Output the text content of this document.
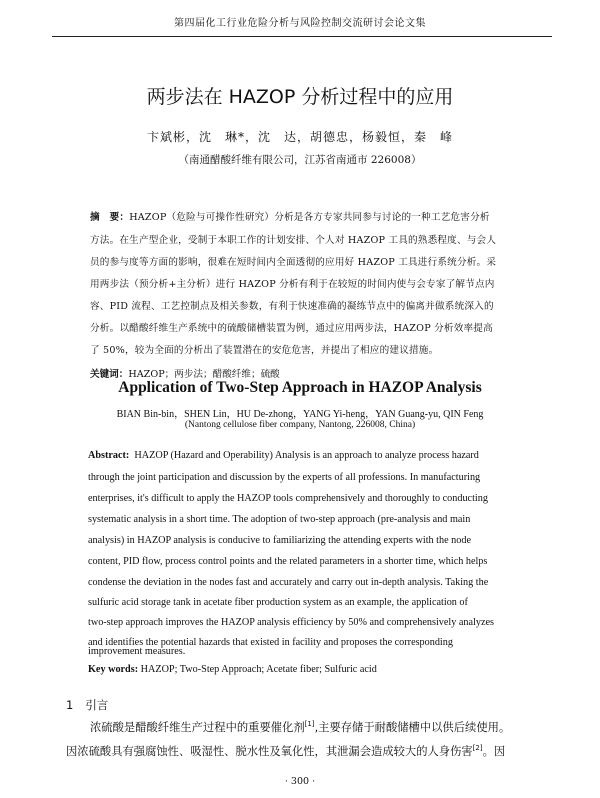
第四届化工行业危险分析与风险控制交流研讨会论文集
两步法在 HAZOP 分析过程中的应用
卞斌彬，沈　琳*，沈　达，胡德忠，杨毅恒，秦　峰
（南通醋酸纤维有限公司，江苏省南通市 226008）
摘　要：HAZOP（危险与可操作性研究）分析是各方专家共同参与讨论的一种工艺危害分析
方法。在生产型企业，受制于本职工作的计划安排、个人对 HAZOP 工具的熟悉程度、与会人
员的参与度等方面的影响，很难在短时间内全面透彻的应用好 HAZOP 工具进行系统分析。采
用两步法（预分析+主分析）进行 HAZOP 分析有利于在较短的时间内使与会专家了解节点内
容、PID 流程、工艺控制点及相关参数，有利于快速准确的凝练节点中的偏离并做系统深入的
分析。以醋酸纤维生产系统中的硫酸储槽装置为例，通过应用两步法，HAZOP 分析效率提高
了 50%，较为全面的分析出了装置潜在的安危危害，并提出了相应的建议措施。
关键词：HAZOP；两步法；醋酸纤维；硫酸
Application of Two-Step Approach in HAZOP Analysis
BIAN Bin-bin，SHEN Lin，HU De-zhong，YANG Yi-heng，YAN Guang-yu, QIN Feng
(Nantong cellulose fiber company, Nantong, 226008, China)
Abstract: HAZOP (Hazard and Operability) Analysis is an approach to analyze process hazard
through the joint participation and discussion by the experts of all professions. In manufacturing
enterprises, it's difficult to apply the HAZOP tools comprehensively and thoroughly to conducting
systematic analysis in a short time. The adoption of two-step approach (pre-analysis and main
analysis) in HAZOP analysis is conducive to familiarizing the attending experts with the node
content, PID flow, process control points and the related parameters in a shorter time, which helps
condense the deviation in the nodes fast and accurately and carry out in-depth analysis. Taking the
sulfuric acid storage tank in acetate fiber production system as an example, the application of
two-step approach improves the HAZOP analysis efficiency by 50% and comprehensively analyzes
and identifies the potential hazards that existed in facility and proposes the corresponding
improvement measures.
Key words: HAZOP; Two-Step Approach; Acetate fiber; Sulfuric acid
1 引言
浓硫酸是醋酸纤维生产过程中的重要催化剂[1],主要存储于耐酸储槽中以供后续使用。
因浓硫酸具有强腐蚀性、吸湿性、脱水性及氧化性，其泄漏会造成较大的人身伤害[2]。因
· 300 ·
